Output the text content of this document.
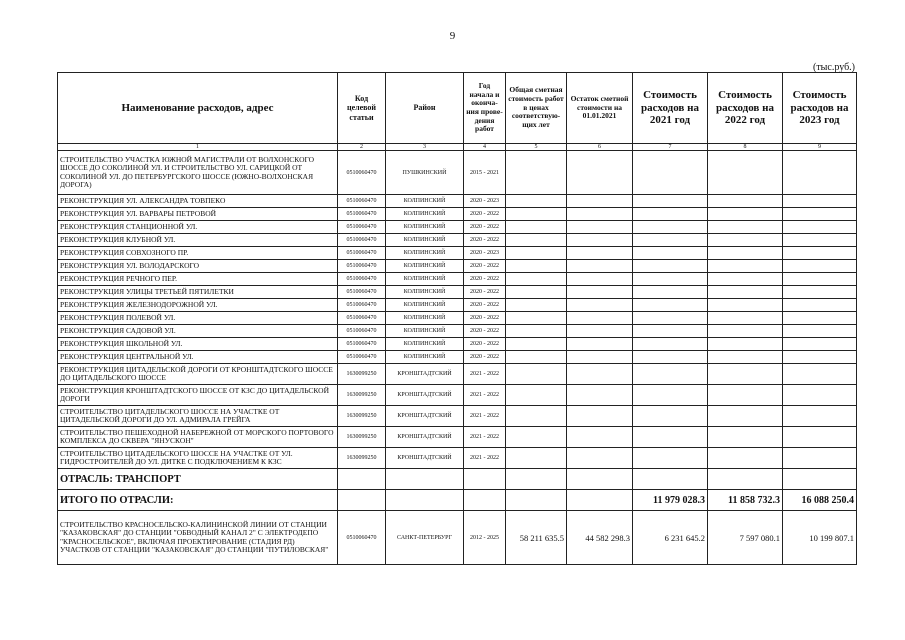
9
(тыс.руб.)
Наименование расходов, адрес	Код целевой статьи	Район	Год начала и оконча-ния прове-дения работ	Общая сметная стоимость работ в ценах соответствую-щих лет	Остаток сметной стоимости на 01.01.2021	Стоимость расходов на 2021 год	Стоимость расходов на 2022 год	Стоимость расходов на 2023 год
1	2	3	4	5	6	7	8	9
СТРОИТЕЛЬСТВО УЧАСТКА ЮЖНОЙ МАГИСТРАЛИ ОТ ВОЛХОНСКОГО ШОССЕ ДО СОКОЛИНОЙ УЛ. И СТРОИТЕЛЬСТВО УЛ. САРИЦКОЙ ОТ СОКОЛИНОЙ УЛ. ДО ПЕТЕРБУРГСКОГО ШОССЕ (ЮЖНО-ВОЛХОНСКАЯ ДОРОГА)	0510060470	ПУШКИНСКИЙ	2015 - 2021					
РЕКОНСТРУКЦИЯ УЛ. АЛЕКСАНДРА ТОВПЕКО	0510060470	КОЛПИНСКИЙ	2020 - 2023					
РЕКОНСТРУКЦИЯ УЛ. ВАРВАРЫ ПЕТРОВОЙ	0510060470	КОЛПИНСКИЙ	2020 - 2022					
РЕКОНСТРУКЦИЯ СТАНЦИОННОЙ УЛ.	0510060470	КОЛПИНСКИЙ	2020 - 2022					
РЕКОНСТРУКЦИЯ КЛУБНОЙ УЛ.	0510060470	КОЛПИНСКИЙ	2020 - 2022					
РЕКОНСТРУКЦИЯ СОВХОЗНОГО ПР.	0510060470	КОЛПИНСКИЙ	2020 - 2023					
РЕКОНСТРУКЦИЯ УЛ. ВОЛОДАРСКОГО	0510060470	КОЛПИНСКИЙ	2020 - 2022					
РЕКОНСТРУКЦИЯ РЕЧНОГО ПЕР.	0510060470	КОЛПИНСКИЙ	2020 - 2022					
РЕКОНСТРУКЦИЯ УЛИЦЫ ТРЕТЬЕЙ ПЯТИЛЕТКИ	0510060470	КОЛПИНСКИЙ	2020 - 2022					
РЕКОНСТРУКЦИЯ ЖЕЛЕЗНОДОРОЖНОЙ УЛ.	0510060470	КОЛПИНСКИЙ	2020 - 2022					
РЕКОНСТРУКЦИЯ ПОЛЕВОЙ УЛ.	0510060470	КОЛПИНСКИЙ	2020 - 2022					
РЕКОНСТРУКЦИЯ САДОВОЙ УЛ.	0510060470	КОЛПИНСКИЙ	2020 - 2022					
РЕКОНСТРУКЦИЯ ШКОЛЬНОЙ УЛ.	0510060470	КОЛПИНСКИЙ	2020 - 2022					
РЕКОНСТРУКЦИЯ ЦЕНТРАЛЬНОЙ УЛ.	0510060470	КОЛПИНСКИЙ	2020 - 2022					
РЕКОНСТРУКЦИЯ ЦИТАДЕЛЬСКОЙ ДОРОГИ ОТ КРОНШТАДТСКОГО ШОССЕ ДО ЦИТАДЕЛЬСКОГО ШОССЕ	1630099250	КРОНШТАДТСКИЙ	2021 - 2022					
РЕКОНСТРУКЦИЯ КРОНШТАДТСКОГО ШОССЕ ОТ КЗС ДО ЦИТАДЕЛЬСКОЙ ДОРОГИ	1630099250	КРОНШТАДТСКИЙ	2021 - 2022					
СТРОИТЕЛЬСТВО ЦИТАДЕЛЬСКОГО ШОССЕ НА УЧАСТКЕ ОТ ЦИТАДЕЛЬСКОЙ ДОРОГИ ДО УЛ. АДМИРАЛА ГРЕЙГА	1630099250	КРОНШТАДТСКИЙ	2021 - 2022					
СТРОИТЕЛЬСТВО ПЕШЕХОДНОЙ НАБЕРЕЖНОЙ ОТ МОРСКОГО ПОРТОВОГО КОМПЛЕКСА ДО СКВЕРА "ЯНУСКОН"	1630099250	КРОНШТАДТСКИЙ	2021 - 2022					
СТРОИТЕЛЬСТВО ЦИТАДЕЛЬСКОГО ШОССЕ НА УЧАСТКЕ ОТ УЛ. ГИДРОСТРОИТЕЛЕЙ ДО УЛ. ДИТКЕ С ПОДКЛЮЧЕНИЕМ К КЗС	1630099250	КРОНШТАДТСКИЙ	2021 - 2022					
ОТРАСЛЬ: ТРАНСПОРТ								
ИТОГО ПО ОТРАСЛИ:						11 979 028.3	11 858 732.3	16 088 250.4
СТРОИТЕЛЬСТВО КРАСНОСЕЛЬСКО-КАЛИНИНСКОЙ ЛИНИИ ОТ СТАНЦИИ "КАЗАКОВСКАЯ" ДО СТАНЦИИ "ОБВОДНЫЙ КАНАЛ 2" С ЭЛЕКТРОДЕПО "КРАСНОСЕЛЬСКОЕ", ВКЛЮЧАЯ ПРОЕКТИРОВАНИЕ (СТАДИЯ РД) УЧАСТКОВ ОТ СТАНЦИИ "КАЗАКОВСКАЯ" ДО СТАНЦИИ "ПУТИЛОВСКАЯ"	0510060470	САНКТ-ПЕТЕРБУРГ	2012 - 2025	58 211 635.5	44 582 298.3	6 231 645.2	7 597 080.1	10 199 807.1
